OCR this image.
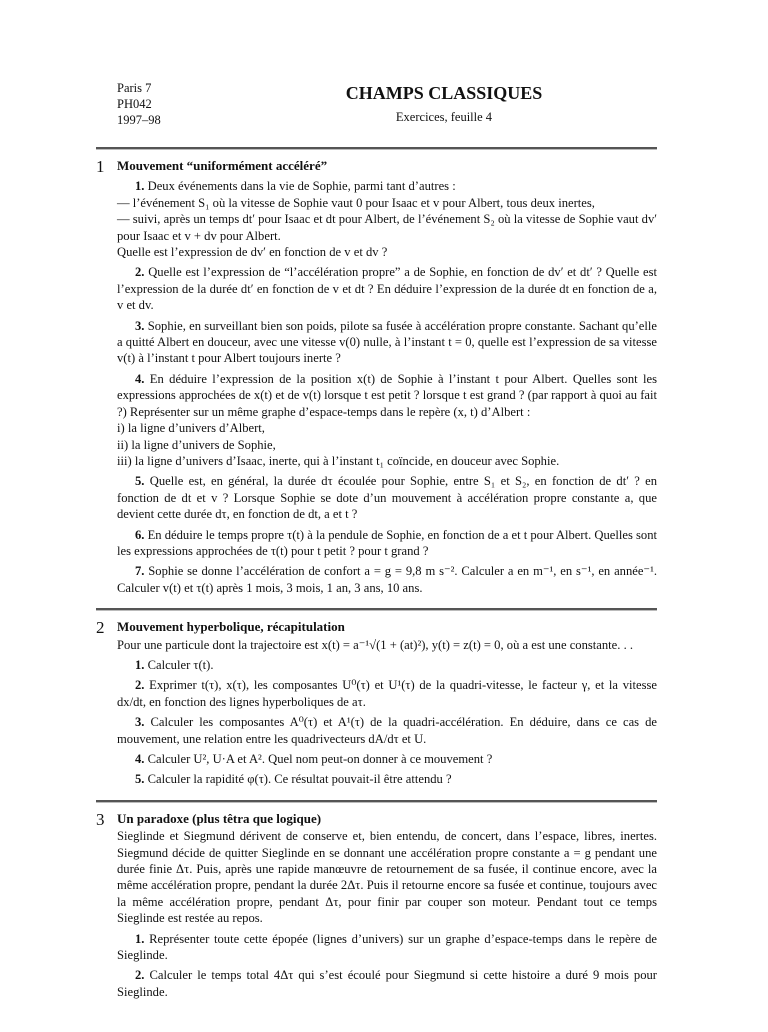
Paris 7
PH042
1997–98
CHAMPS CLASSIQUES
Exercices, feuille 4
1 Mouvement “uniformément accéléré”

1. Deux événements dans la vie de Sophie, parmi tant d’autres :

— l’événement S₁ où la vitesse de Sophie vaut 0 pour Isaac et v pour Albert, tous deux inertes,

— suivi, après un temps dt′ pour Isaac et dt pour Albert, de l’événement S₂ où la vitesse de Sophie vaut dv′ pour Isaac et v + dv pour Albert.

Quelle est l’expression de dv′ en fonction de v et dv ?

2. Quelle est l’expression de “l’accélération propre” a de Sophie, en fonction de dv′ et dt′ ? Quelle est l’expression de la durée dt′ en fonction de v et dt ? En déduire l’expression de la durée dt en fonction de a, v et dv.

3. Sophie, en surveillant bien son poids, pilote sa fusée à accélération propre constante. Sachant qu’elle a quitté Albert en douceur, avec une vitesse v(0) nulle, à l’instant t = 0, quelle est l’expression de sa vitesse v(t) à l’instant t pour Albert toujours inerte ?

4. En déduire l’expression de la position x(t) de Sophie à l’instant t pour Albert. Quelles sont les expressions approchées de x(t) et de v(t) lorsque t est petit ? lorsque t est grand ? (par rapport à quoi au fait ?) Représenter sur un même graphe d’espace-temps dans le repère (x, t) d’Albert :

i) la ligne d’univers d’Albert,

ii) la ligne d’univers de Sophie,

iii) la ligne d’univers d’Isaac, inerte, qui à l’instant t₁ coïncide, en douceur avec Sophie.

5. Quelle est, en général, la durée dτ écoulée pour Sophie, entre S₁ et S₂, en fonction de dt′ ? en fonction de dt et v ? Lorsque Sophie se dote d’un mouvement à accélération propre constante a, que devient cette durée dτ, en fonction de dt, a et t ?

6. En déduire le temps propre τ(t) à la pendule de Sophie, en fonction de a et t pour Albert. Quelles sont les expressions approchées de τ(t) pour t petit ? pour t grand ?

7. Sophie se donne l’accélération de confort a = g = 9,8 m s⁻². Calculer a en m⁻¹, en s⁻¹, en année⁻¹. Calculer v(t) et τ(t) après 1 mois, 3 mois, 1 an, 3 ans, 10 ans.

2 Mouvement hyperbolique, récapitulation

Pour une particule dont la trajectoire est x(t) = a⁻¹√(1 + (at)²), y(t) = z(t) = 0, où a est une constante. . .

1. Calculer τ(t).

2. Exprimer t(τ), x(τ), les composantes U⁰(τ) et U¹(τ) de la quadri-vitesse, le facteur γ, et la vitesse dx/dt, en fonction des lignes hyperboliques de aτ.

3. Calculer les composantes A⁰(τ) et A¹(τ) de la quadri-accélération. En déduire, dans ce cas de mouvement, une relation entre les quadrivecteurs dA/dτ et U.

4. Calculer U², U·A et A². Quel nom peut-on donner à ce mouvement ?

5. Calculer la rapidité φ(τ). Ce résultat pouvait-il être attendu ?

3 Un paradoxe (plus têtra que logique)

Sieglinde et Siegmund dérivent de conserve et, bien entendu, de concert, dans l’espace, libres, inertes. Siegmund décide de quitter Sieglinde en se donnant une accélération propre constante a = g pendant une durée finie Δτ. Puis, après une rapide manœuvre de retournement de sa fusée, il continue encore, avec la même accélération propre, pendant la durée 2Δτ. Puis il retourne encore sa fusée et continue, toujours avec la même accélération propre, pendant Δτ, pour finir par couper son moteur. Pendant tout ce temps Sieglinde est restée au repos.

1. Représenter toute cette épopée (lignes d’univers) sur un graphe d’espace-temps dans le repère de Sieglinde.

2. Calculer le temps total 4Δτ qui s’est écoulé pour Siegmund si cette histoire a duré 9 mois pour Sieglinde.
